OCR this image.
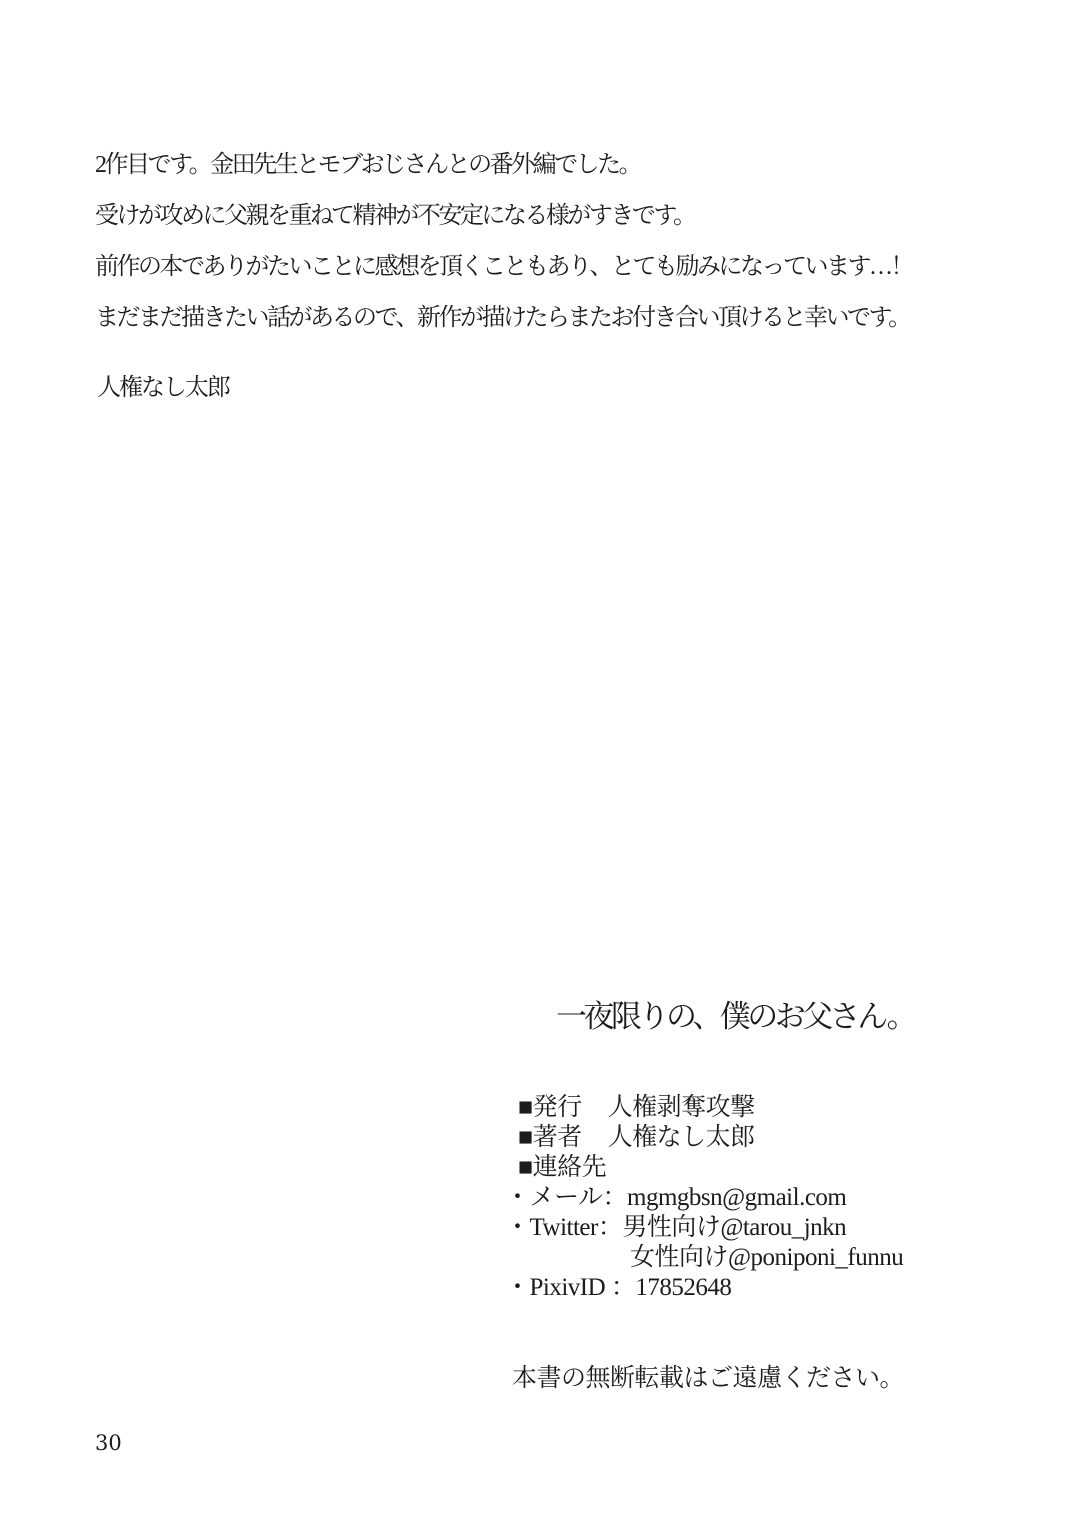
2作目です。金田先生とモブおじさんとの番外編でした。

受けが攻めに父親を重ねて精神が不安定になる様がすきです。

前作の本でありがたいことに感想を頂くこともあり、とても励みになっています…！

まだまだ描きたい話があるので、新作が描けたらまたお付き合い頂けると幸いです。

人権なし太郎
一夜限りの、僕のお父さん。
■発行 人権剥奪攻撃
■著者 人権なし太郎
■連絡先
・メール：mgmgbsn@gmail.com
・Twitter：男性向け@tarou_jnkn
女性向け@poniponi_funnu
・PixivID ：17852648
本書の無断転載はご遠慮ください。
30
